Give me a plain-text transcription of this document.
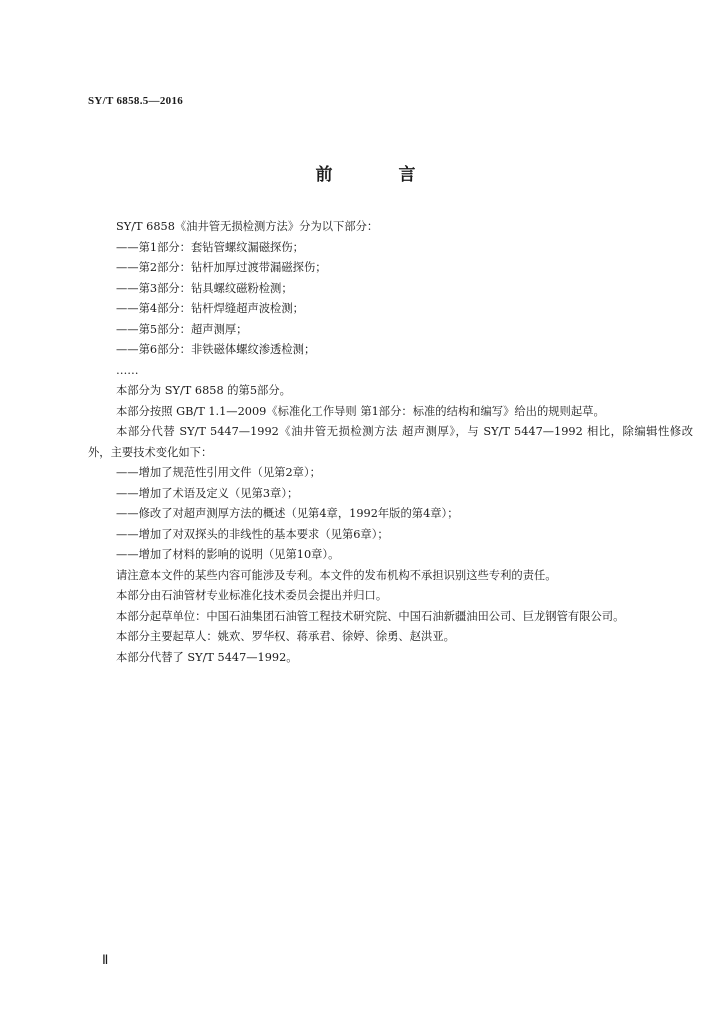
SY/T 6858.5—2016
前 言

SY/T 6858《油井管无损检测方法》分为以下部分：

——第1部分：套钻管螺纹漏磁探伤；

——第2部分：钻杆加厚过渡带漏磁探伤；

——第3部分：钻具螺纹磁粉检测；

——第4部分：钻杆焊缝超声波检测；

——第5部分：超声测厚；

——第6部分：非铁磁体螺纹渗透检测；

……

本部分为 SY/T 6858 的第5部分。

本部分按照 GB/T 1.1—2009《标准化工作导则 第1部分：标准的结构和编写》给出的规则起草。

本部分代替 SY/T 5447—1992《油井管无损检测方法 超声测厚》，与 SY/T 5447—1992 相比，除编辑性修改外，主要技术变化如下：

——增加了规范性引用文件（见第2章）；

——增加了术语及定义（见第3章）；

——修改了对超声测厚方法的概述（见第4章，1992年版的第4章）；

——增加了对双探头的非线性的基本要求（见第6章）；

——增加了材料的影响的说明（见第10章）。

请注意本文件的某些内容可能涉及专利。本文件的发布机构不承担识别这些专利的责任。

本部分由石油管材专业标准化技术委员会提出并归口。

本部分起草单位：中国石油集团石油管工程技术研究院、中国石油新疆油田公司、巨龙钢管有限公司。

本部分主要起草人：姚欢、罗华权、蒋承君、徐婷、徐勇、赵洪亚。

本部分代替了 SY/T 5447—1992。

Ⅱ
